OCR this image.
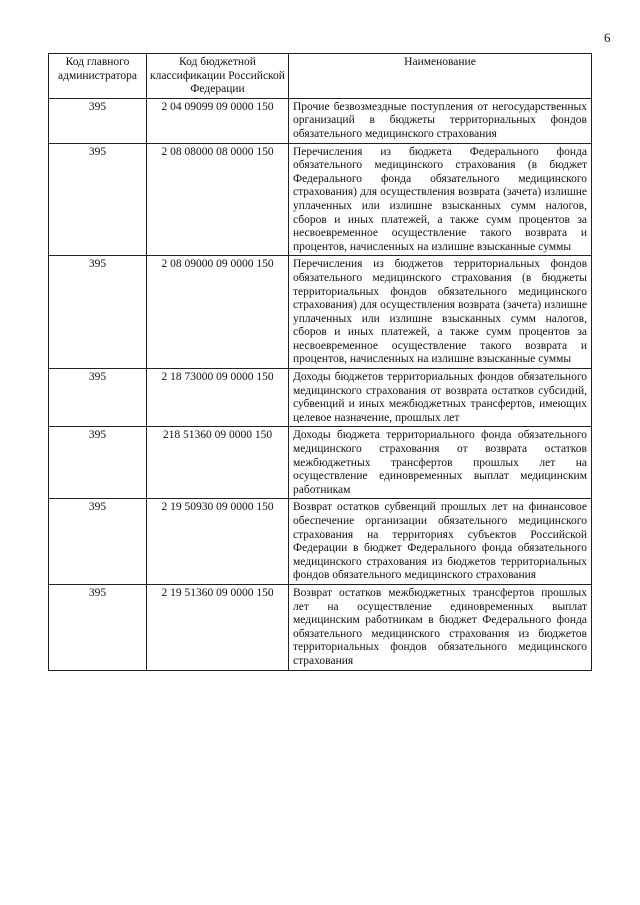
6
Код главного администратора	Код бюджетной классификации Российской Федерации	Наименование
395	2 04 09099 09 0000 150	Прочие безвозмездные поступления от негосударственных организаций в бюджеты территориальных фондов обязательного медицинского страхования
395	2 08 08000 08 0000 150	Перечисления из бюджета Федерального фонда обязательного медицинского страхования (в бюджет Федерального фонда обязательного медицинского страхования) для осуществления возврата (зачета) излишне уплаченных или излишне взысканных сумм налогов, сборов и иных платежей, а также сумм процентов за несвоевременное осуществление такого возврата и процентов, начисленных на излишне взысканные суммы
395	2 08 09000 09 0000 150	Перечисления из бюджетов территориальных фондов обязательного медицинского страхования (в бюджеты территориальных фондов обязательного медицинского страхования) для осуществления возврата (зачета) излишне уплаченных или излишне взысканных сумм налогов, сборов и иных платежей, а также сумм процентов за несвоевременное осуществление такого возврата и процентов, начисленных на излишне взысканные суммы
395	2 18 73000 09 0000 150	Доходы бюджетов территориальных фондов обязательного медицинского страхования от возврата остатков субсидий, субвенций и иных межбюджетных трансфертов, имеющих целевое назначение, прошлых лет
395	218 51360 09 0000 150	Доходы бюджета территориального фонда обязательного медицинского страхования от возврата остатков межбюджетных трансфертов прошлых лет на осуществление единовременных выплат медицинским работникам
395	2 19 50930 09 0000 150	Возврат остатков субвенций прошлых лет на финансовое обеспечение организации обязательного медицинского страхования на территориях субъектов Российской Федерации в бюджет Федерального фонда обязательного медицинского страхования из бюджетов территориальных фондов обязательного медицинского страхования
395	2 19 51360 09 0000 150	Возврат остатков межбюджетных трансфертов прошлых лет на осуществление единовременных выплат медицинским работникам в бюджет Федерального фонда обязательного медицинского страхования из бюджетов территориальных фондов обязательного медицинского страхования
